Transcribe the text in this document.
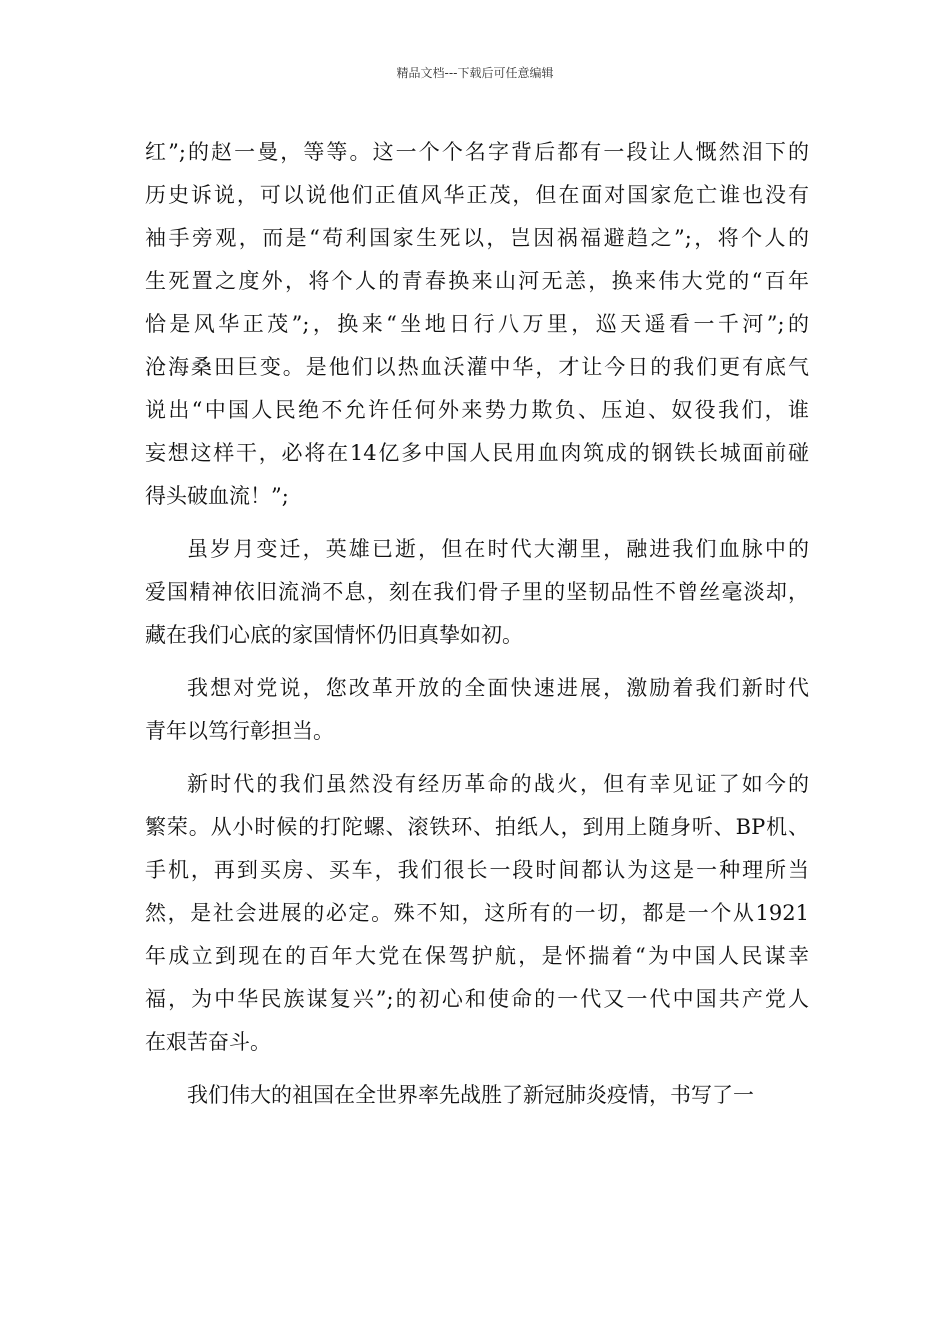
精品文档---下载后可任意编辑
红”;的赵一曼，等等。这一个个名字背后都有一段让人慨然泪下的
历史诉说，可以说他们正值风华正茂，但在面对国家危亡谁也没有
袖手旁观，而是“苟利国家生死以，岂因祸福避趋之”;，将个人的
生死置之度外，将个人的青春换来山河无恙，换来伟大党的“百年
恰是风华正茂”;，换来“坐地日行八万里，巡天遥看一千河”;的
沧海桑田巨变。是他们以热血沃灌中华，才让今日的我们更有底气
说出“中国人民绝不允许任何外来势力欺负、压迫、奴役我们，谁
妄想这样干，必将在14亿多中国人民用血肉筑成的钢铁长城面前碰
得头破血流！”;
虽岁月变迁，英雄已逝，但在时代大潮里，融进我们血脉中的
爱国精神依旧流淌不息，刻在我们骨子里的坚韧品性不曾丝毫淡却，
藏在我们心底的家国情怀仍旧真挚如初。
我想对党说，您改革开放的全面快速进展，激励着我们新时代
青年以笃行彰担当。
新时代的我们虽然没有经历革命的战火，但有幸见证了如今的
繁荣。从小时候的打陀螺、滚铁环、拍纸人，到用上随身听、BP机、
手机，再到买房、买车，我们很长一段时间都认为这是一种理所当
然，是社会进展的必定。殊不知，这所有的一切，都是一个从1921
年成立到现在的百年大党在保驾护航，是怀揣着“为中国人民谋幸
福，为中华民族谋复兴”;的初心和使命的一代又一代中国共产党人
在艰苦奋斗。
我们伟大的祖国在全世界率先战胜了新冠肺炎疫情，书写了一
